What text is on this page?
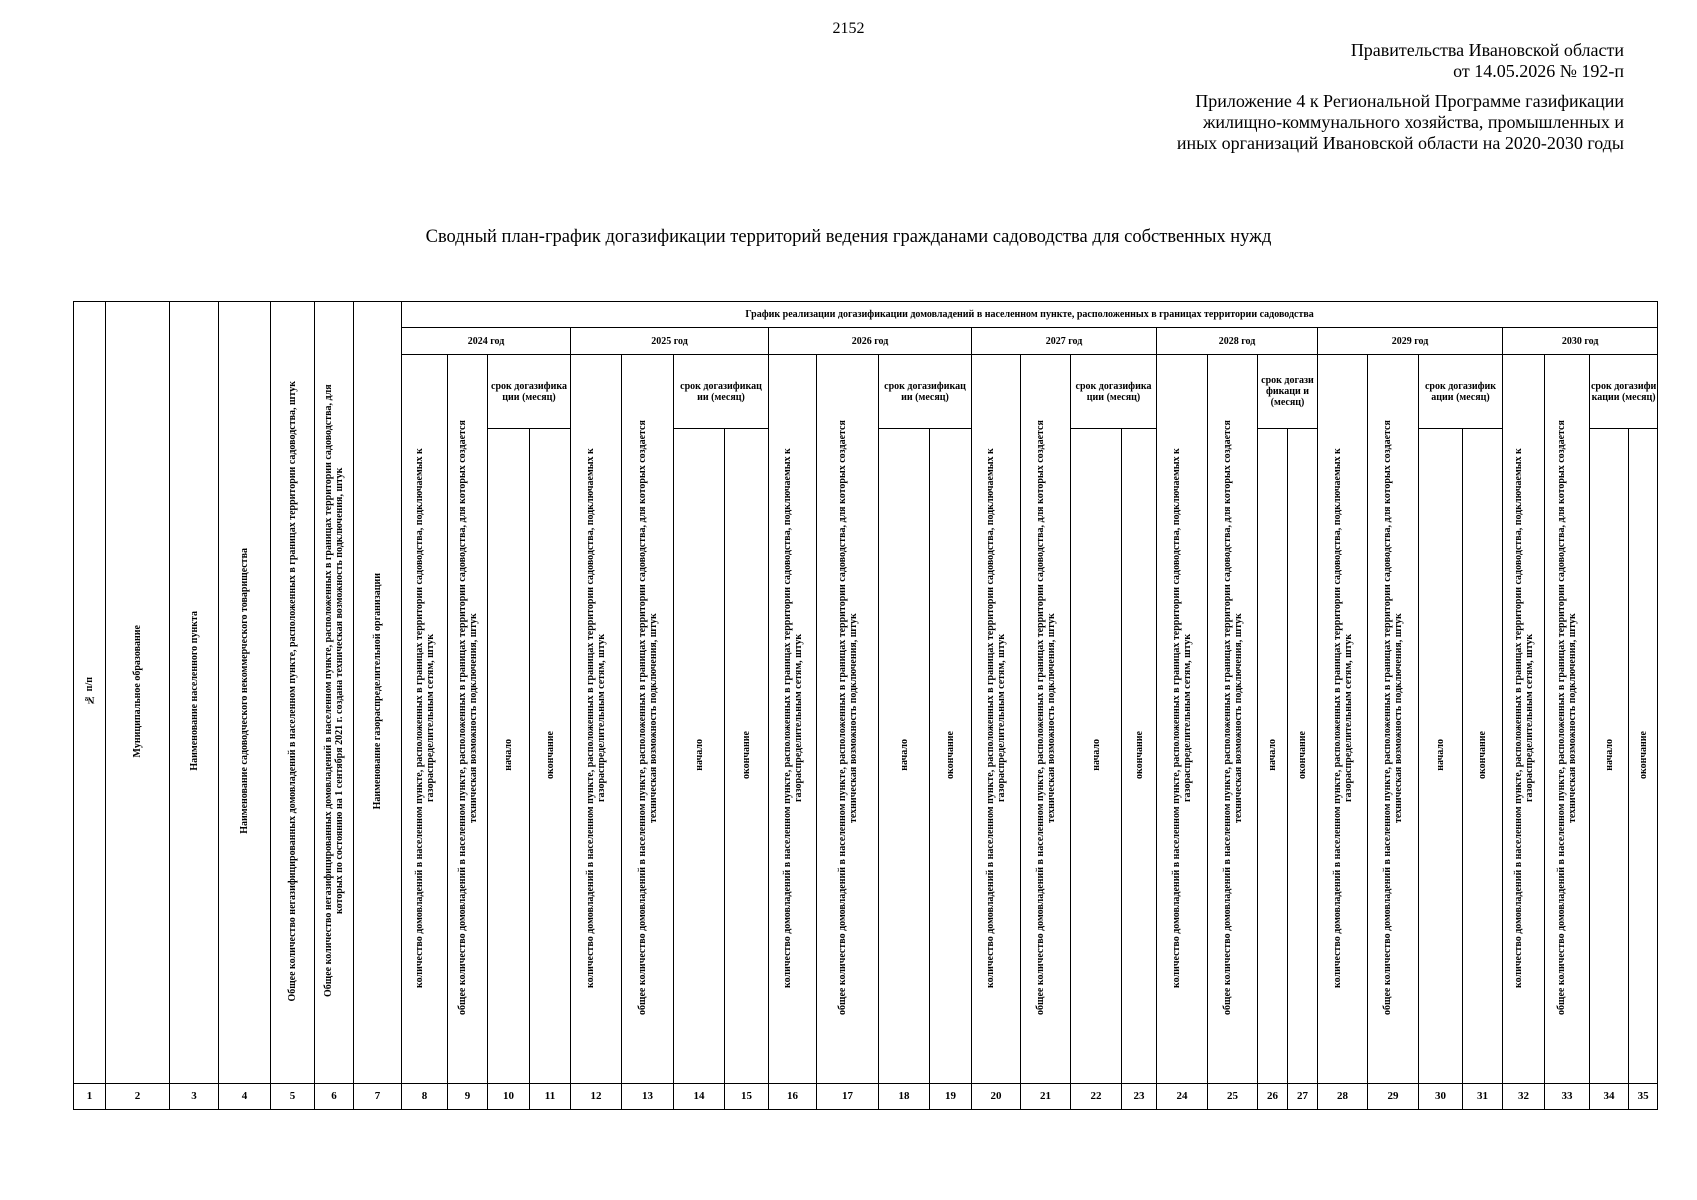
2152
Правительства Ивановской области
от 14.05.2026 № 192-п
Приложение 4 к Региональной Программе газификации
жилищно-коммунального хозяйства, промышленных и
иных организаций Ивановской области на 2020-2030 годы
Сводный план-график догазификации территорий ведения гражданами садоводства для собственных нужд
№ п/п	Муниципальное образование	Наименование населенного пункта	Наименование садоводческого некоммерческого товарищества	Общее количество негазифицированных домовладений в населенном пункте, расположенных в границах территории садоводства, штук	Общее количество негазифицированных домовладений в населенном пункте, расположенных в границах территории садоводства, для которых по состоянию на 1 сентября 2021 г. создана техническая возможность подключения, штук	Наименование газораспределительной организации	График реализации догазификации домовладений в населенном пункте, расположенных в границах территории садоводства																											
							2024 год				2025 год				2026 год				2027 год				2028 год				2029 год				2030 год			
							количество домовладений в населенном пункте, расположенных в границах территории садоводства, подключаемых к газораспределительным сетям, штук	общее количество домовладений в населенном пункте, расположенных в границах территории садоводства, для которых создается техническая возможность подключения, штук	срок догазифика ции (месяц)		количество домовладений в населенном пункте, расположенных в границах территории садоводства, подключаемых к газораспределительным сетям, штук	общее количество домовладений в населенном пункте, расположенных в границах территории садоводства, для которых создается техническая возможность подключения, штук	срок догазификац ии (месяц)		количество домовладений в населенном пункте, расположенных в границах территории садоводства, подключаемых к газораспределительным сетям, штук	общее количество домовладений в населенном пункте, расположенных в границах территории садоводства, для которых создается техническая возможность подключения, штук	срок догазификац ии (месяц)		количество домовладений в населенном пункте, расположенных в границах территории садоводства, подключаемых к газораспределительным сетям, штук	общее количество домовладений в населенном пункте, расположенных в границах территории садоводства, для которых создается техническая возможность подключения, штук	срок догазифика ции (месяц)		количество домовладений в населенном пункте, расположенных в границах территории садоводства, подключаемых к газораспределительным сетям, штук	общее количество домовладений в населенном пункте, расположенных в границах территории садоводства, для которых создается техническая возможность подключения, штук	срок догази фикаци и (месяц)		количество домовладений в населенном пункте, расположенных в границах территории садоводства, подключаемых к газораспределительным сетям, штук	общее количество домовладений в населенном пункте, расположенных в границах территории садоводства, для которых создается техническая возможность подключения, штук	срок догазифик ации (месяц)		количество домовладений в населенном пункте, расположенных в границах территории садоводства, подключаемых к газораспределительным сетям, штук	общее количество домовладений в населенном пункте, расположенных в границах территории садоводства, для которых создается техническая возможность подключения, штук	срок догазифи кации (месяц)	
									начало	окончание			начало	окончание			начало	окончание			начало	окончание			начало	окончание			начало	окончание			начало	окончание
1	2	3	4	5	6	7	8	9	10	11	12	13	14	15	16	17	18	19	20	21	22	23	24	25	26	27	28	29	30	31	32	33	34	35
